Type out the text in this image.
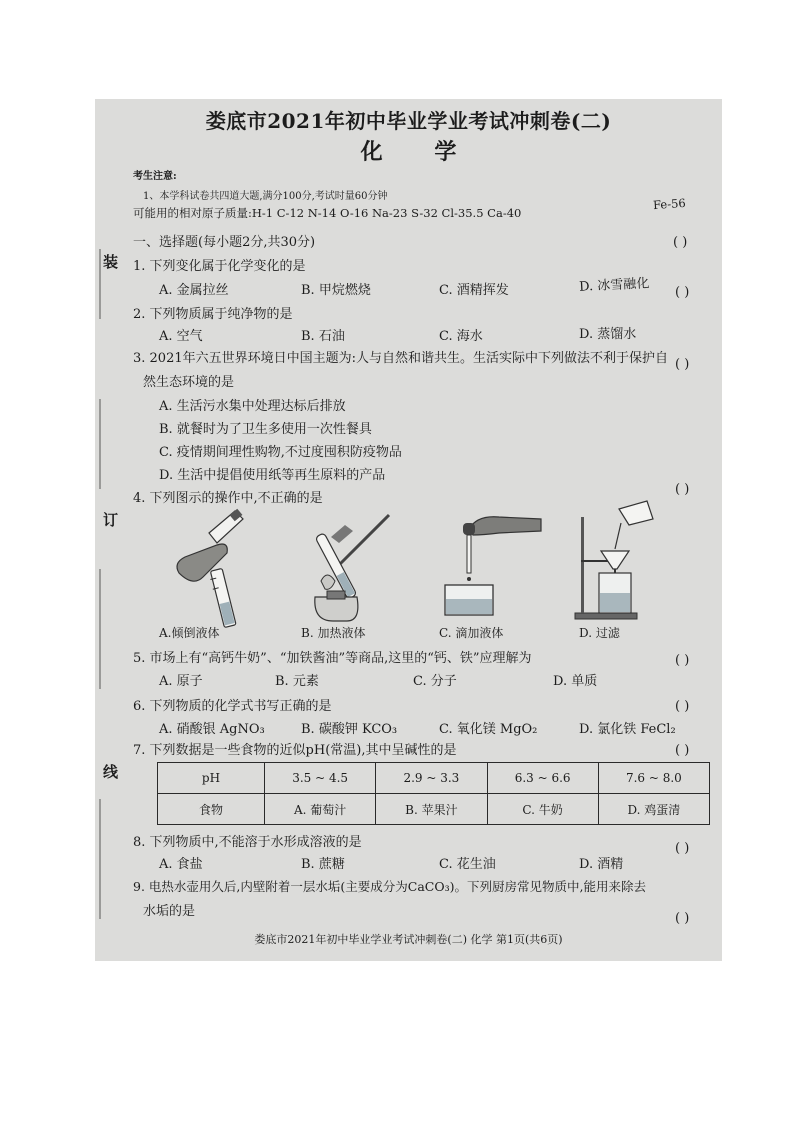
装
订
线
娄底市2021年初中毕业学业考试冲刺卷(二)
化 学
考生注意:
1、本学科试卷共四道大题,满分100分,考试时量60分钟
可能用的相对原子质量:H-1 C-12 N-14 O-16 Na-23 S-32 Cl-35.5 Ca-40
Fe-56
一、选择题(每小题2分,共30分)	( )
1. 下列变化属于化学变化的是
A. 金属拉丝	B. 甲烷燃烧	C. 酒精挥发	D. 冰雪融化 ( )
2. 下列物质属于纯净物的是
A. 空气	B. 石油	C. 海水	D. 蒸馏水
3. 2021年六五世界环境日中国主题为:人与自然和谐共生。生活实际中下列做法不利于保护自 ( )
然生态环境的是
A. 生活污水集中处理达标后排放
B. 就餐时为了卫生多使用一次性餐具
C. 疫情期间理性购物,不过度囤积防疫物品
D. 生活中提倡使用纸等再生原料的产品
4. 下列图示的操作中,不正确的是
( )
A.倾倒液体	B. 加热液体	C. 滴加液体	D. 过滤
5. 市场上有“高钙牛奶”、“加铁酱油”等商品,这里的“钙、铁”应理解为	( )
A. 原子	B. 元素	C. 分子	D. 单质
6. 下列物质的化学式书写正确的是	( )
A. 硝酸银 AgNO₃	B. 碳酸钾 KCO₃	C. 氧化镁 MgO₂	D. 氯化铁 FeCl₂
7. 下列数据是一些食物的近似pH(常温),其中呈碱性的是	( )
pH	3.5 ~ 4.5	2.9 ~ 3.3	6.3 ~ 6.6	7.6 ~ 8.0
食物	A. 葡萄汁	B. 苹果汁	C. 牛奶	D. 鸡蛋清
8. 下列物质中,不能溶于水形成溶液的是	( )
A. 食盐	B. 蔗糖	C. 花生油	D. 酒精
9. 电热水壶用久后,内壁附着一层水垢(主要成分为CaCO₃)。下列厨房常见物质中,能用来除去
水垢的是	( )
娄底市2021年初中毕业学业考试冲刺卷(二) 化学 第1页(共6页)
